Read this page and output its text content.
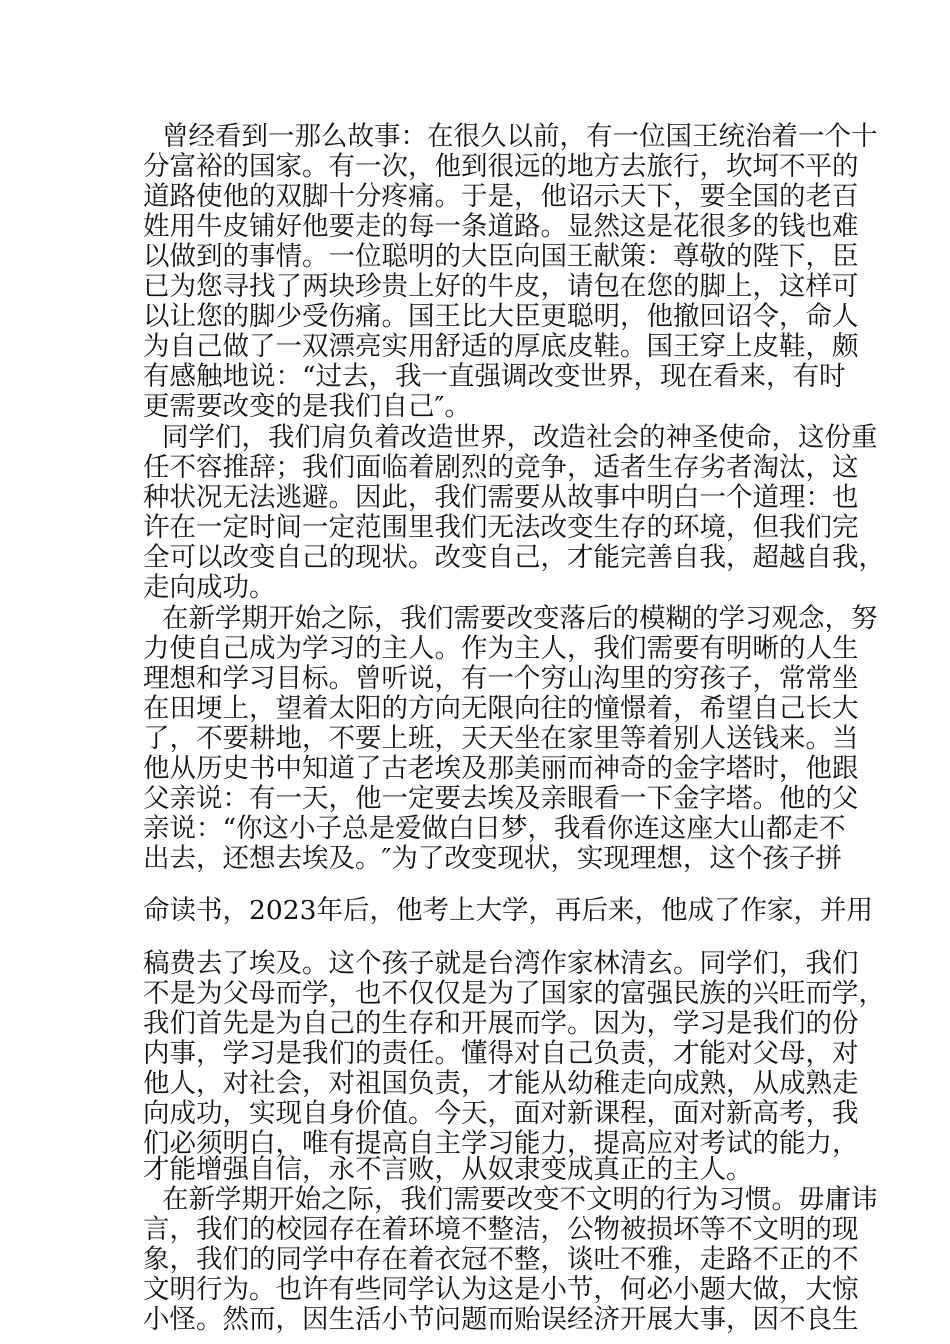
曾经看到一那么故事：在很久以前，有一位国王统治着一个十
分富裕的国家。有一次，他到很远的地方去旅行，坎坷不平的
道路使他的双脚十分疼痛。于是，他诏示天下，要全国的老百
姓用牛皮铺好他要走的每一条道路。显然这是花很多的钱也难
以做到的事情。一位聪明的大臣向国王献策：尊敬的陛下，臣
已为您寻找了两块珍贵上好的牛皮，请包在您的脚上，这样可
以让您的脚少受伤痛。国王比大臣更聪明，他撤回诏令，命人
为自己做了一双漂亮实用舒适的厚底皮鞋。国王穿上皮鞋，颇
有感触地说：“过去，我一直强调改变世界，现在看来，有时
更需要改变的是我们自己″。
同学们，我们肩负着改造世界，改造社会的神圣使命，这份重
任不容推辞；我们面临着剧烈的竞争，适者生存劣者淘汰，这
种状况无法逃避。因此，我们需要从故事中明白一个道理：也
许在一定时间一定范围里我们无法改变生存的环境，但我们完
全可以改变自己的现状。改变自己，才能完善自我，超越自我，
走向成功。
在新学期开始之际，我们需要改变落后的模糊的学习观念，努
力使自己成为学习的主人。作为主人，我们需要有明晰的人生
理想和学习目标。曾听说，有一个穷山沟里的穷孩子，常常坐
在田埂上，望着太阳的方向无限向往的憧憬着，希望自己长大
了，不要耕地，不要上班，天天坐在家里等着别人送钱来。当
他从历史书中知道了古老埃及那美丽而神奇的金字塔时，他跟
父亲说：有一天，他一定要去埃及亲眼看一下金字塔。他的父
亲说：“你这小子总是爱做白日梦，我看你连这座大山都走不
出去，还想去埃及。″为了改变现状，实现理想，这个孩子拼
命读书，2023年后，他考上大学，再后来，他成了作家，并用
稿费去了埃及。这个孩子就是台湾作家林清玄。同学们，我们
不是为父母而学，也不仅仅是为了国家的富强民族的兴旺而学，
我们首先是为自己的生存和开展而学。因为，学习是我们的份
内事，学习是我们的责任。懂得对自己负责，才能对父母，对
他人，对社会，对祖国负责，才能从幼稚走向成熟，从成熟走
向成功，实现自身价值。今天，面对新课程，面对新高考，我
们必须明白，唯有提高自主学习能力，提高应对考试的能力，
才能增强自信，永不言败，从奴隶变成真正的主人。
在新学期开始之际，我们需要改变不文明的行为习惯。毋庸讳
言，我们的校园存在着环境不整洁，公物被损坏等不文明的现
象，我们的同学中存在着衣冠不整，谈吐不雅，走路不正的不
文明行为。也许有些同学认为这是小节，何必小题大做，大惊
小怪。然而，因生活小节问题而贻误经济开展大事，因不良生
